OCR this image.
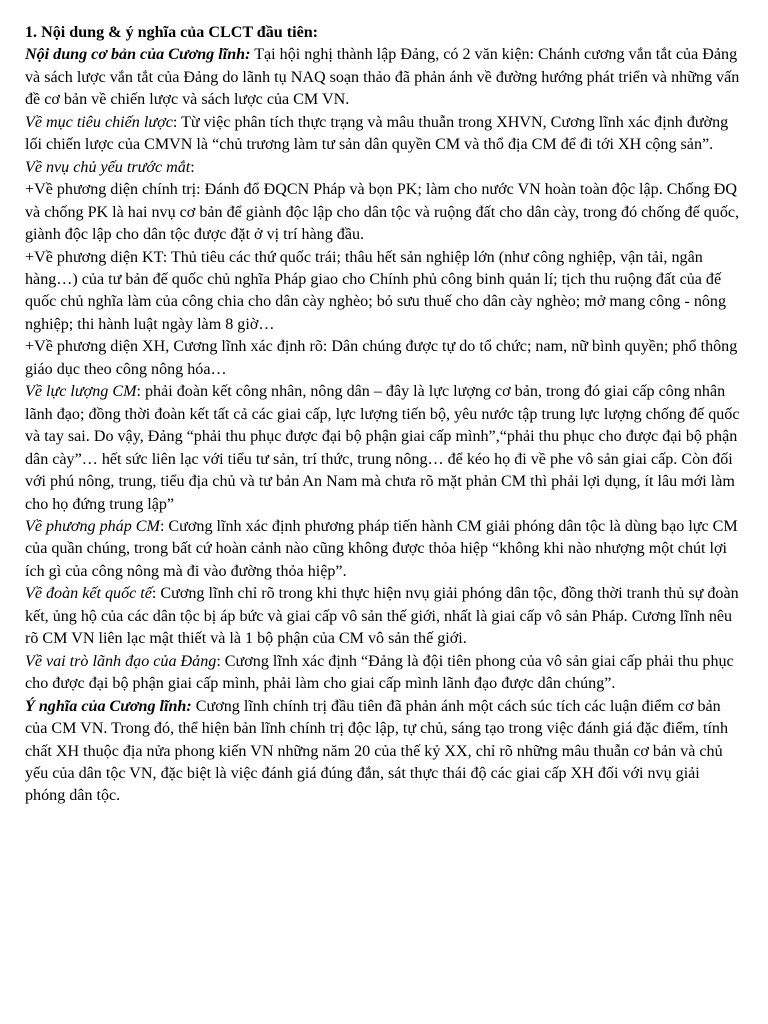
1. Nội dung & ý nghĩa của CLCT đầu tiên:

Nội dung cơ bản của Cương lĩnh: Tại hội nghị thành lập Đảng, có 2 văn kiện: Chánh cương vắn tắt của Đảng và sách lược vắn tắt của Đảng do lãnh tụ NAQ soạn thảo đã phản ánh về đường hướng phát triển và những vấn đề cơ bản về chiến lược và sách lược của CM VN.

Về mục tiêu chiến lược: Từ việc phân tích thực trạng và mâu thuẫn trong XHVN, Cương lĩnh xác định đường lối chiến lược của CMVN là “chủ trương làm tư sản dân quyền CM và thổ địa CM để đi tới XH cộng sản”.

Về nvụ chủ yếu trước mắt:

+Về phương diện chính trị: Đánh đổ ĐQCN Pháp và bọn PK; làm cho nước VN hoàn toàn độc lập. Chống ĐQ và chống PK là hai nvụ cơ bản để giành độc lập cho dân tộc và ruộng đất cho dân cày, trong đó chống đế quốc, giành độc lập cho dân tộc được đặt ở vị trí hàng đầu.

+Về phương diện KT: Thủ tiêu các thứ quốc trái; thâu hết sản nghiệp lớn (như công nghiệp, vận tải, ngân hàng…) của tư bản đế quốc chủ nghĩa Pháp giao cho Chính phủ công binh quản lí; tịch thu ruộng đất của đế quốc chủ nghĩa làm của công chia cho dân cày nghèo; bỏ sưu thuế cho dân cày nghèo; mở mang công - nông nghiệp; thi hành luật ngày làm 8 giờ…

+Về phương diện XH, Cương lĩnh xác định rõ: Dân chúng được tự do tổ chức; nam, nữ bình quyền; phổ thông giáo dục theo công nông hóa…

Về lực lượng CM: phải đoàn kết công nhân, nông dân – đây là lực lượng cơ bản, trong đó giai cấp công nhân lãnh đạo; đồng thời đoàn kết tất cả các giai cấp, lực lượng tiến bộ, yêu nước tập trung lực lượng chống đế quốc và tay sai. Do vậy, Đảng “phải thu phục được đại bộ phận giai cấp mình”,“phải thu phục cho được đại bộ phận dân cày”… hết sức liên lạc với tiểu tư sản, trí thức, trung nông… để kéo họ đi về phe vô sản giai cấp. Còn đối với phú nông, trung, tiểu địa chủ và tư bản An Nam mà chưa rõ mặt phản CM thì phải lợi dụng, ít lâu mới làm cho họ đứng trung lập”

Về phương pháp CM: Cương lĩnh xác định phương pháp tiến hành CM giải phóng dân tộc là dùng bạo lực CM của quần chúng, trong bất cứ hoàn cảnh nào cũng không được thỏa hiệp “không khi nào nhượng một chút lợi ích gì của công nông mà đi vào đường thỏa hiệp”.

Về đoàn kết quốc tế: Cương lĩnh chỉ rõ trong khi thực hiện nvụ giải phóng dân tộc, đồng thời tranh thủ sự đoàn kết, ủng hộ của các dân tộc bị áp bức và giai cấp vô sản thế giới, nhất là giai cấp vô sản Pháp. Cương lĩnh nêu rõ CM VN liên lạc mật thiết và là 1 bộ phận của CM vô sản thế giới.

Về vai trò lãnh đạo của Đảng: Cương lĩnh xác định “Đảng là đội tiên phong của vô sản giai cấp phải thu phục cho được đại bộ phận giai cấp mình, phải làm cho giai cấp mình lãnh đạo được dân chúng”.

Ý nghĩa của Cương lĩnh: Cương lĩnh chính trị đầu tiên đã phản ánh một cách súc tích các luận điểm cơ bản của CM VN. Trong đó, thể hiện bản lĩnh chính trị độc lập, tự chủ, sáng tạo trong việc đánh giá đặc điểm, tính chất XH thuộc địa nửa phong kiến VN những năm 20 của thế kỷ XX, chỉ rõ những mâu thuẫn cơ bản và chủ yếu của dân tộc VN, đặc biệt là việc đánh giá đúng đắn, sát thực thái độ các giai cấp XH đối với nvụ giải phóng dân tộc.
